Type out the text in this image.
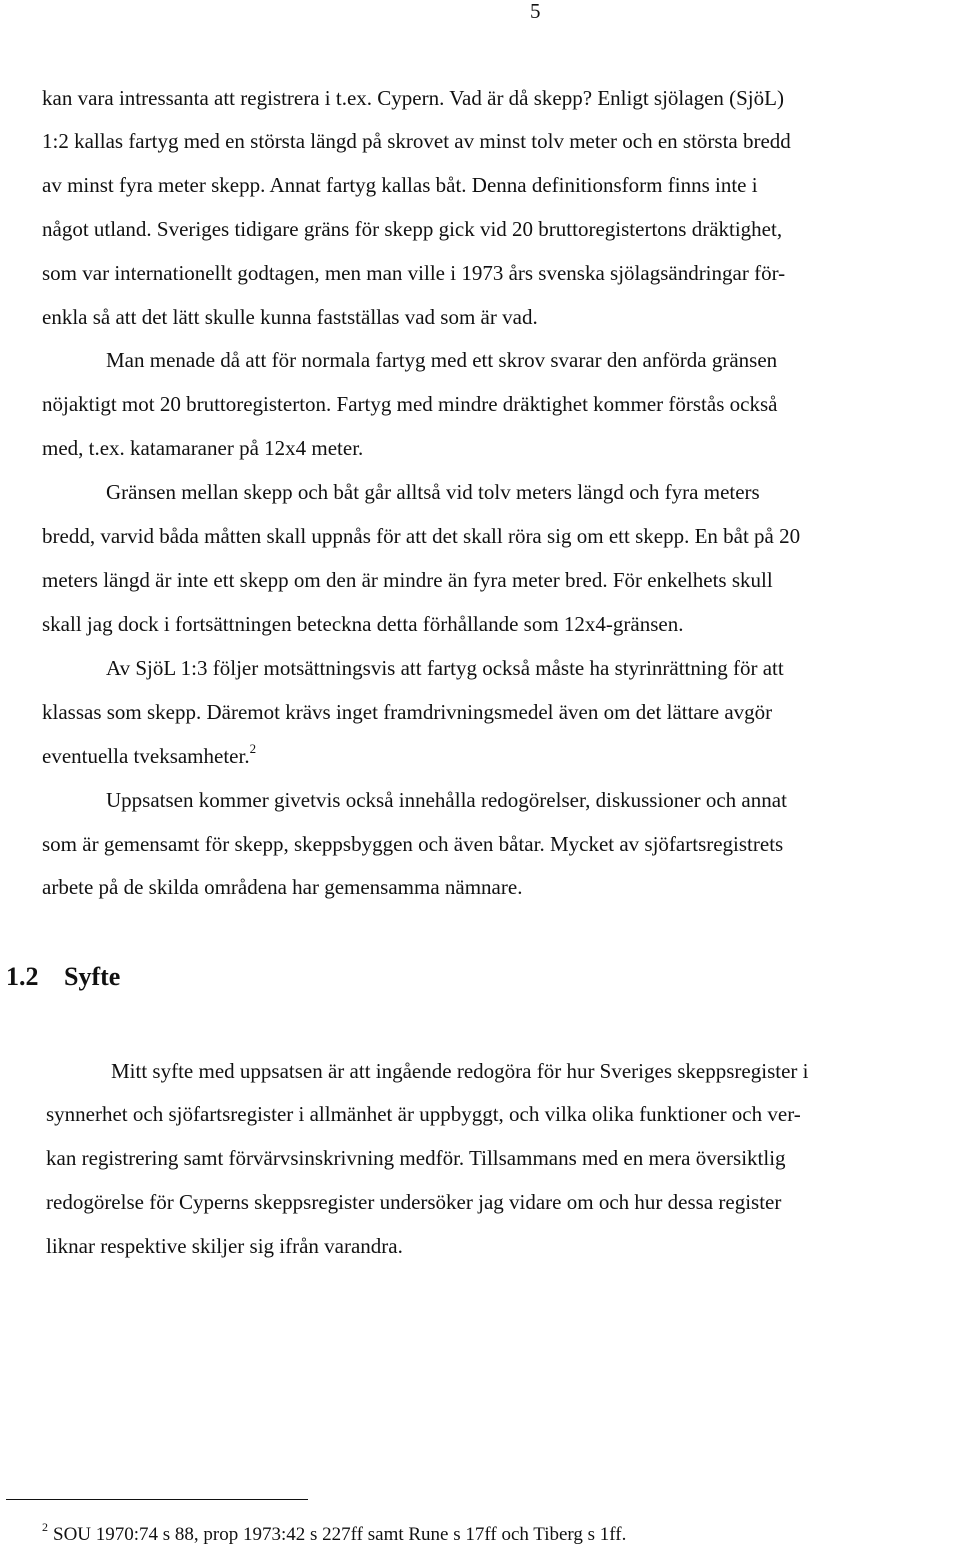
5

kan vara intressanta att registrera i t.ex. Cypern. Vad är då skepp? Enligt sjölagen (SjöL)

1:2 kallas fartyg med en största längd på skrovet av minst tolv meter och en största bredd

av minst fyra meter skepp. Annat fartyg kallas båt. Denna definitionsform finns inte i

något utland. Sveriges tidigare gräns för skepp gick vid 20 bruttoregistertons dräktighet,

som var internationellt godtagen, men man ville i 1973 års svenska sjölagsändringar för-

enkla så att det lätt skulle kunna fastställas vad som är vad.

Man menade då att för normala fartyg med ett skrov svarar den anförda gränsen

nöjaktigt mot 20 bruttoregisterton. Fartyg med mindre dräktighet kommer förstås också

med, t.ex. katamaraner på 12x4 meter.

Gränsen mellan skepp och båt går alltså vid tolv meters längd och fyra meters

bredd, varvid båda måtten skall uppnås för att det skall röra sig om ett skepp. En båt på 20

meters längd är inte ett skepp om den är mindre än fyra meter bred. För enkelhets skull

skall jag dock i fortsättningen beteckna detta förhållande som 12x4-gränsen.

Av SjöL 1:3 följer motsättningsvis att fartyg också måste ha styrinrättning för att

klassas som skepp. Däremot krävs inget framdrivningsmedel även om det lättare avgör

eventuella tveksamheter.$^2$

Uppsatsen kommer givetvis också innehålla redogörelser, diskussioner och annat

som är gemensamt för skepp, skeppsbyggen och även båtar. Mycket av sjöfartsregistrets

arbete på de skilda områdena har gemensamma nämnare.

1.2 Syfte

Mitt syfte med uppsatsen är att ingående redogöra för hur Sveriges skeppsregister i

synnerhet och sjöfartsregister i allmänhet är uppbyggt, och vilka olika funktioner och ver-

kan registrering samt förvärvsinskrivning medför. Tillsammans med en mera översiktlig

redogörelse för Cyperns skeppsregister undersöker jag vidare om och hur dessa register

liknar respektive skiljer sig ifrån varandra.

$^2$ SOU 1970:74 s 88, prop 1973:42 s 227ff samt Rune s 17ff och Tiberg s 1ff.
